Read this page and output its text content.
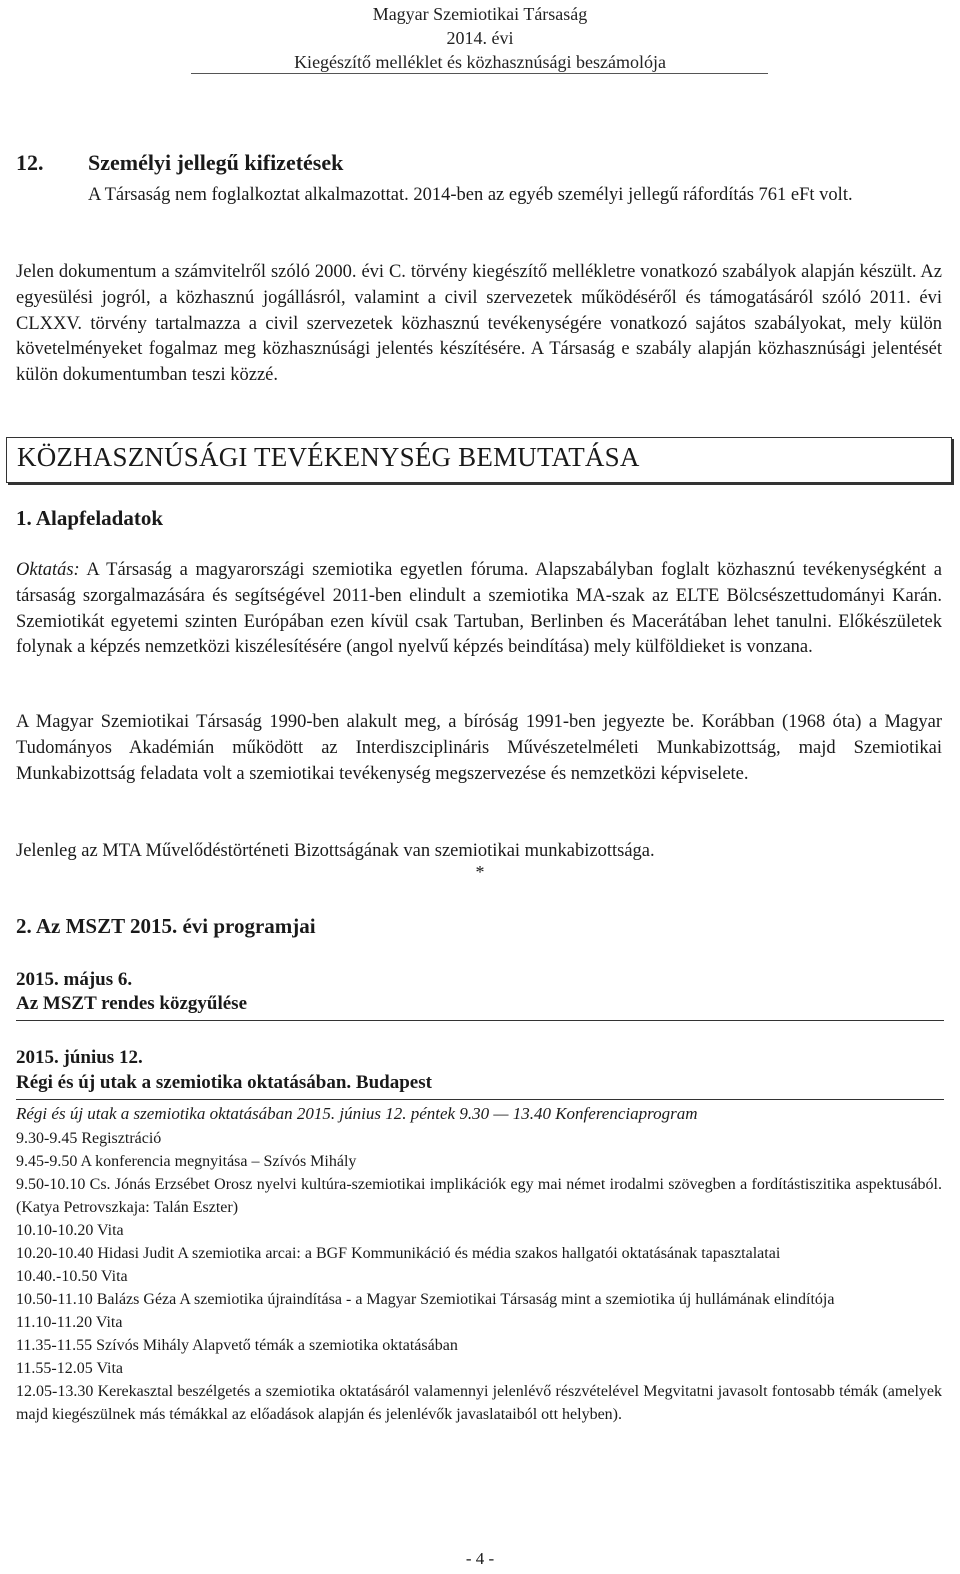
Magyar Szemiotikai Társaság
2014. évi
Kiegészítő melléklet és közhasznúsági beszámolója
12. Személyi jellegű kifizetések
A Társaság nem foglalkoztat alkalmazottat. 2014-ben az egyéb személyi jellegű ráfordítás 761 eFt volt.

Jelen dokumentum a számvitelről szóló 2000. évi C. törvény kiegészítő mellékletre vonatkozó szabályok alapján készült. Az egyesülési jogról, a közhasznú jogállásról, valamint a civil szervezetek működéséről és támogatásáról szóló 2011. évi CLXXV. törvény tartalmazza a civil szervezetek közhasznú tevékenységére vonatkozó sajátos szabályokat, mely külön követelményeket fogalmaz meg közhasznúsági jelentés készítésére. A Társaság e szabály alapján közhasznúsági jelentését külön dokumentumban teszi közzé.

KÖZHASZNÚSÁGI TEVÉKENYSÉG BEMUTATÁSA
1. Alapfeladatok

Oktatás: A Társaság a magyarországi szemiotika egyetlen fóruma. Alapszabályban foglalt közhasznú tevékenységként a társaság szorgalmazására és segítségével 2011-ben elindult a szemiotika MA-szak az ELTE Bölcsészettudományi Karán. Szemiotikát egyetemi szinten Európában ezen kívül csak Tartuban, Berlinben és Macerátában lehet tanulni. Előkészületek folynak a képzés nemzetközi kiszélesítésére (angol nyelvű képzés beindítása) mely külföldieket is vonzana.

A Magyar Szemiotikai Társaság 1990-ben alakult meg, a bíróság 1991-ben jegyezte be. Korábban (1968 óta) a Magyar Tudományos Akadémián működött az Interdiszciplináris Művészetelméleti Munkabizottság, majd Szemiotikai Munkabizottság feladata volt a szemiotikai tevékenység megszervezése és nemzetközi képviselete.

Jelenleg az MTA Művelődéstörténeti Bizottságának van szemiotikai munkabizottsága.

*
2. Az MSZT 2015. évi programjai
2015. május 6.
Az MSZT rendes közgyűlése
2015. június 12.
Régi és új utak a szemiotika oktatásában. Budapest
Régi és új utak a szemiotika oktatásában 2015. június 12. péntek 9.30 — 13.40 Konferenciaprogram

9.30-9.45 Regisztráció

9.45-9.50 A konferencia megnyitása – Szívós Mihály

9.50-10.10 Cs. Jónás Erzsébet Orosz nyelvi kultúra-szemiotikai implikációk egy mai német irodalmi szövegben a fordítástiszitika aspektusából. (Katya Petrovszkaja: Talán Eszter)

10.10-10.20 Vita

10.20-10.40 Hidasi Judit A szemiotika arcai: a BGF Kommunikáció és média szakos hallgatói oktatásának tapasztalatai

10.40.-10.50 Vita

10.50-11.10 Balázs Géza A szemiotika újraindítása - a Magyar Szemiotikai Társaság mint a szemiotika új hullámának elindítója

11.10-11.20 Vita

11.35-11.55 Szívós Mihály Alapvető témák a szemiotika oktatásában

11.55-12.05 Vita

12.05-13.30 Kerekasztal beszélgetés a szemiotika oktatásáról valamennyi jelenlévő részvételével Megvitatni javasolt fontosabb témák (amelyek majd kiegészülnek más témákkal az előadások alapján és jelenlévők javaslataiból ott helyben).

- 4 -
